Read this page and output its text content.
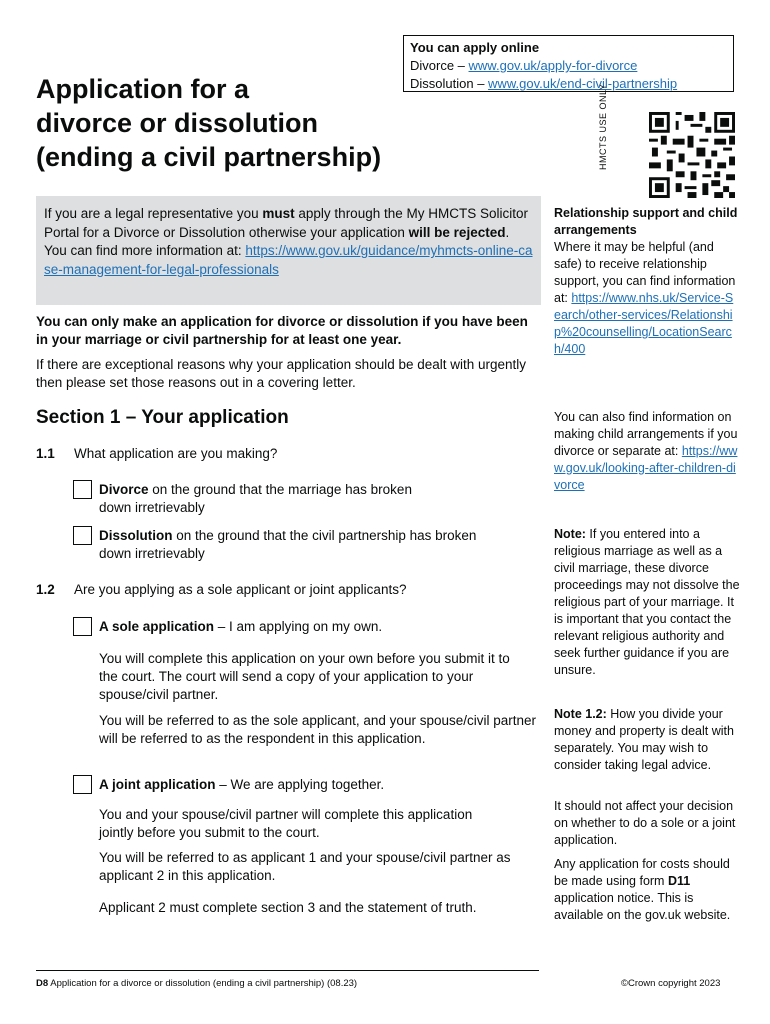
You can apply online
Divorce – www.gov.uk/apply-for-divorce
Dissolution – www.gov.uk/end-civil-partnership
Application for a
divorce or dissolution
(ending a civil partnership)	HMCTS USE ONLY
If you are a legal representative you must apply through the My HMCTS Solicitor Portal for a Divorce or Dissolution otherwise your application will be rejected. You can find more information at: https://www.gov.uk/guidance/myhmcts-online-case-management-for-legal-professionals
You can only make an application for divorce or dissolution if you have been in your marriage or civil partnership for at least one year.
If there are exceptional reasons why your application should be dealt with urgently then please set those reasons out in a covering letter.
Section 1 – Your application
1.1 What application are you making?
Divorce on the ground that the marriage has broken down irretrievably
Dissolution on the ground that the civil partnership has broken down irretrievably
1.2 Are you applying as a sole applicant or joint applicants?
A sole application – I am applying on my own.
You will complete this application on your own before you submit it to the court. The court will send a copy of your application to your spouse/civil partner.
You will be referred to as the sole applicant, and your spouse/civil partner will be referred to as the respondent in this application.
A joint application – We are applying together.
You and your spouse/civil partner will complete this application jointly before you submit to the court.
You will be referred to as applicant 1 and your spouse/civil partner as applicant 2 in this application.
Applicant 2 must complete section 3 and the statement of truth.
Relationship support and child arrangements
Where it may be helpful (and safe) to receive relationship support, you can find information at: https://www.nhs.uk/Service-Search/other-services/Relationship%20counselling/LocationSearch/400
You can also find information on making child arrangements if you divorce or separate at: https://www.gov.uk/looking-after-children-divorce
Note: If you entered into a religious marriage as well as a civil marriage, these divorce proceedings may not dissolve the religious part of your marriage. It is important that you contact the relevant religious authority and seek further guidance if you are unsure.
Note 1.2: How you divide your money and property is dealt with separately. You may wish to consider taking legal advice.
It should not affect your decision on whether to do a sole or a joint application.
Any application for costs should be made using form D11 application notice. This is available on the gov.uk website.
D8 Application for a divorce or dissolution (ending a civil partnership) (08.23)	©Crown copyright 2023
